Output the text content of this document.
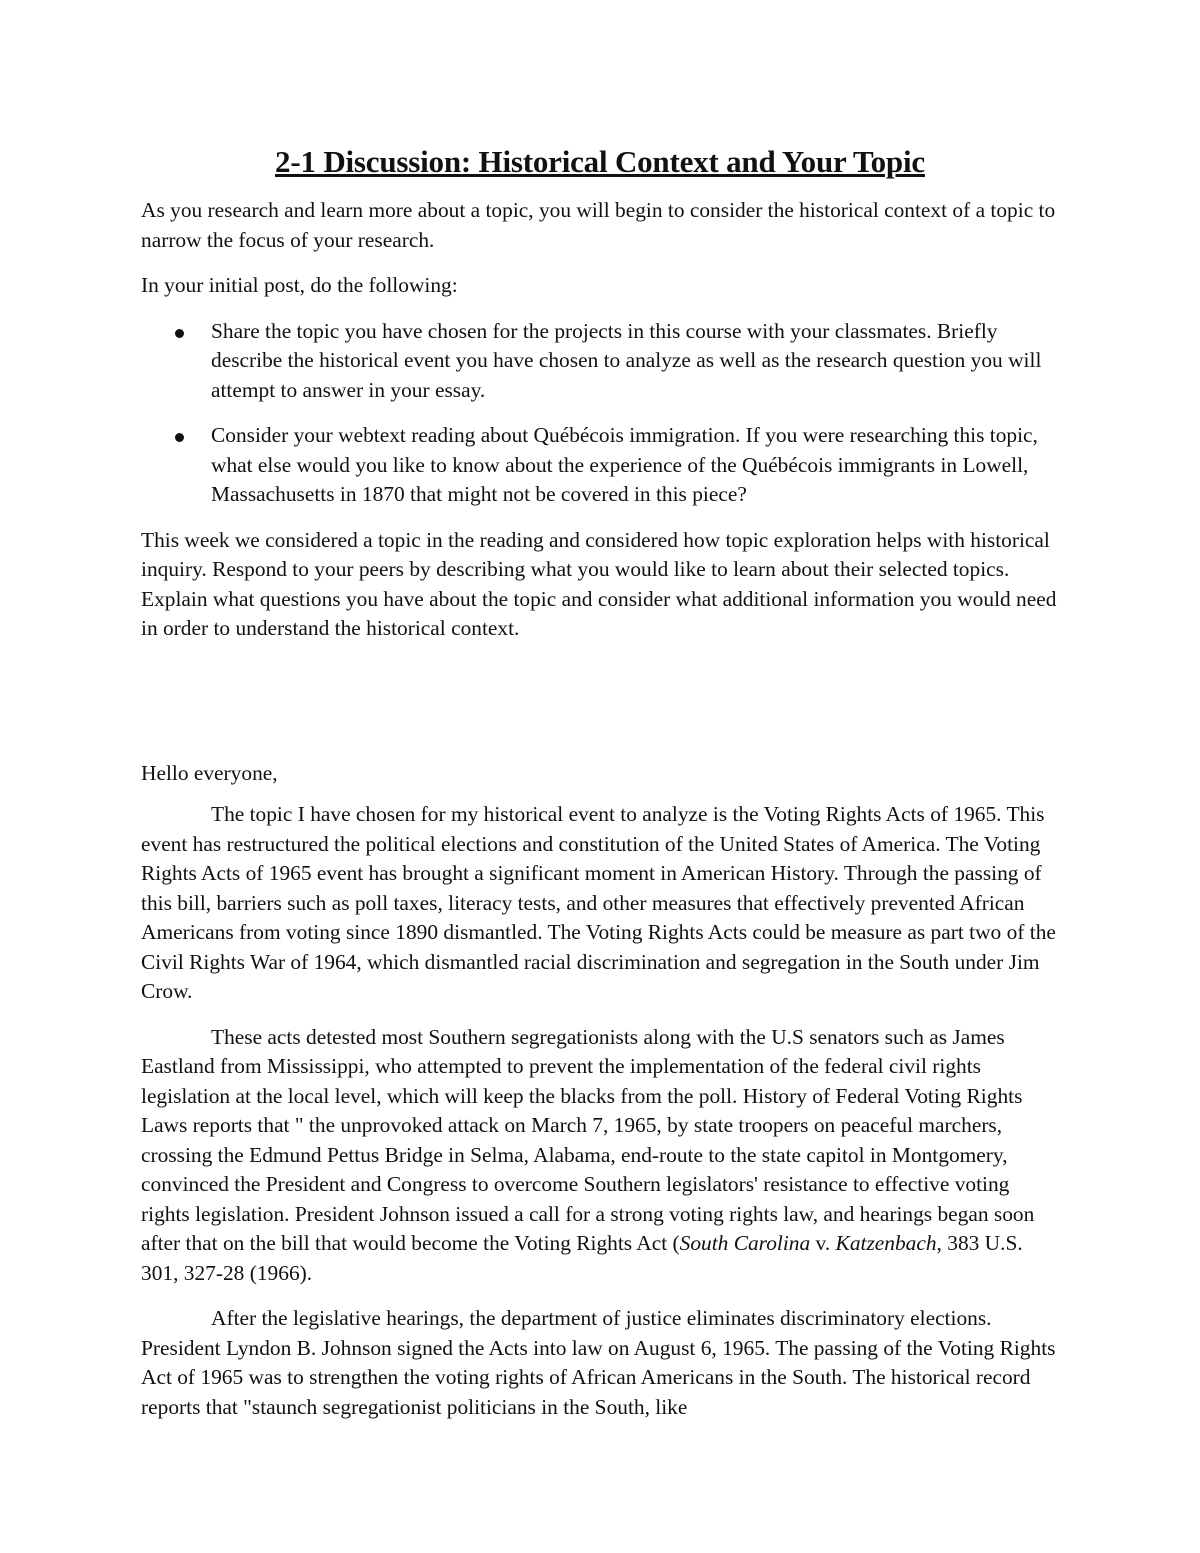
2-1 Discussion: Historical Context and Your Topic

As you research and learn more about a topic, you will begin to consider the historical context of a topic to narrow the focus of your research.

In your initial post, do the following:

Share the topic you have chosen for the projects in this course with your classmates. Briefly describe the historical event you have chosen to analyze as well as the research question you will attempt to answer in your essay.
Consider your webtext reading about Québécois immigration. If you were researching this topic, what else would you like to know about the experience of the Québécois immigrants in Lowell, Massachusetts in 1870 that might not be covered in this piece?

This week we considered a topic in the reading and considered how topic exploration helps with historical inquiry. Respond to your peers by describing what you would like to learn about their selected topics. Explain what questions you have about the topic and consider what additional information you would need in order to understand the historical context.

Hello everyone,

The topic I have chosen for my historical event to analyze is the Voting Rights Acts of 1965. This event has restructured the political elections and constitution of the United States of America. The Voting Rights Acts of 1965 event has brought a significant moment in American History. Through the passing of this bill, barriers such as poll taxes, literacy tests, and other measures that effectively prevented African Americans from voting since 1890 dismantled. The Voting Rights Acts could be measure as part two of the Civil Rights War of 1964, which dismantled racial discrimination and segregation in the South under Jim Crow.

These acts detested most Southern segregationists along with the U.S senators such as James Eastland from Mississippi, who attempted to prevent the implementation of the federal civil rights legislation at the local level, which will keep the blacks from the poll. History of Federal Voting Rights Laws reports that " the unprovoked attack on March 7, 1965, by state troopers on peaceful marchers, crossing the Edmund Pettus Bridge in Selma, Alabama, end-route to the state capitol in Montgomery, convinced the President and Congress to overcome Southern legislators' resistance to effective voting rights legislation. President Johnson issued a call for a strong voting rights law, and hearings began soon after that on the bill that would become the Voting Rights Act (South Carolina v. Katzenbach, 383 U.S. 301, 327-28 (1966).

After the legislative hearings, the department of justice eliminates discriminatory elections. President Lyndon B. Johnson signed the Acts into law on August 6, 1965. The passing of the Voting Rights Act of 1965 was to strengthen the voting rights of African Americans in the South. The historical record reports that "staunch segregationist politicians in the South, like
